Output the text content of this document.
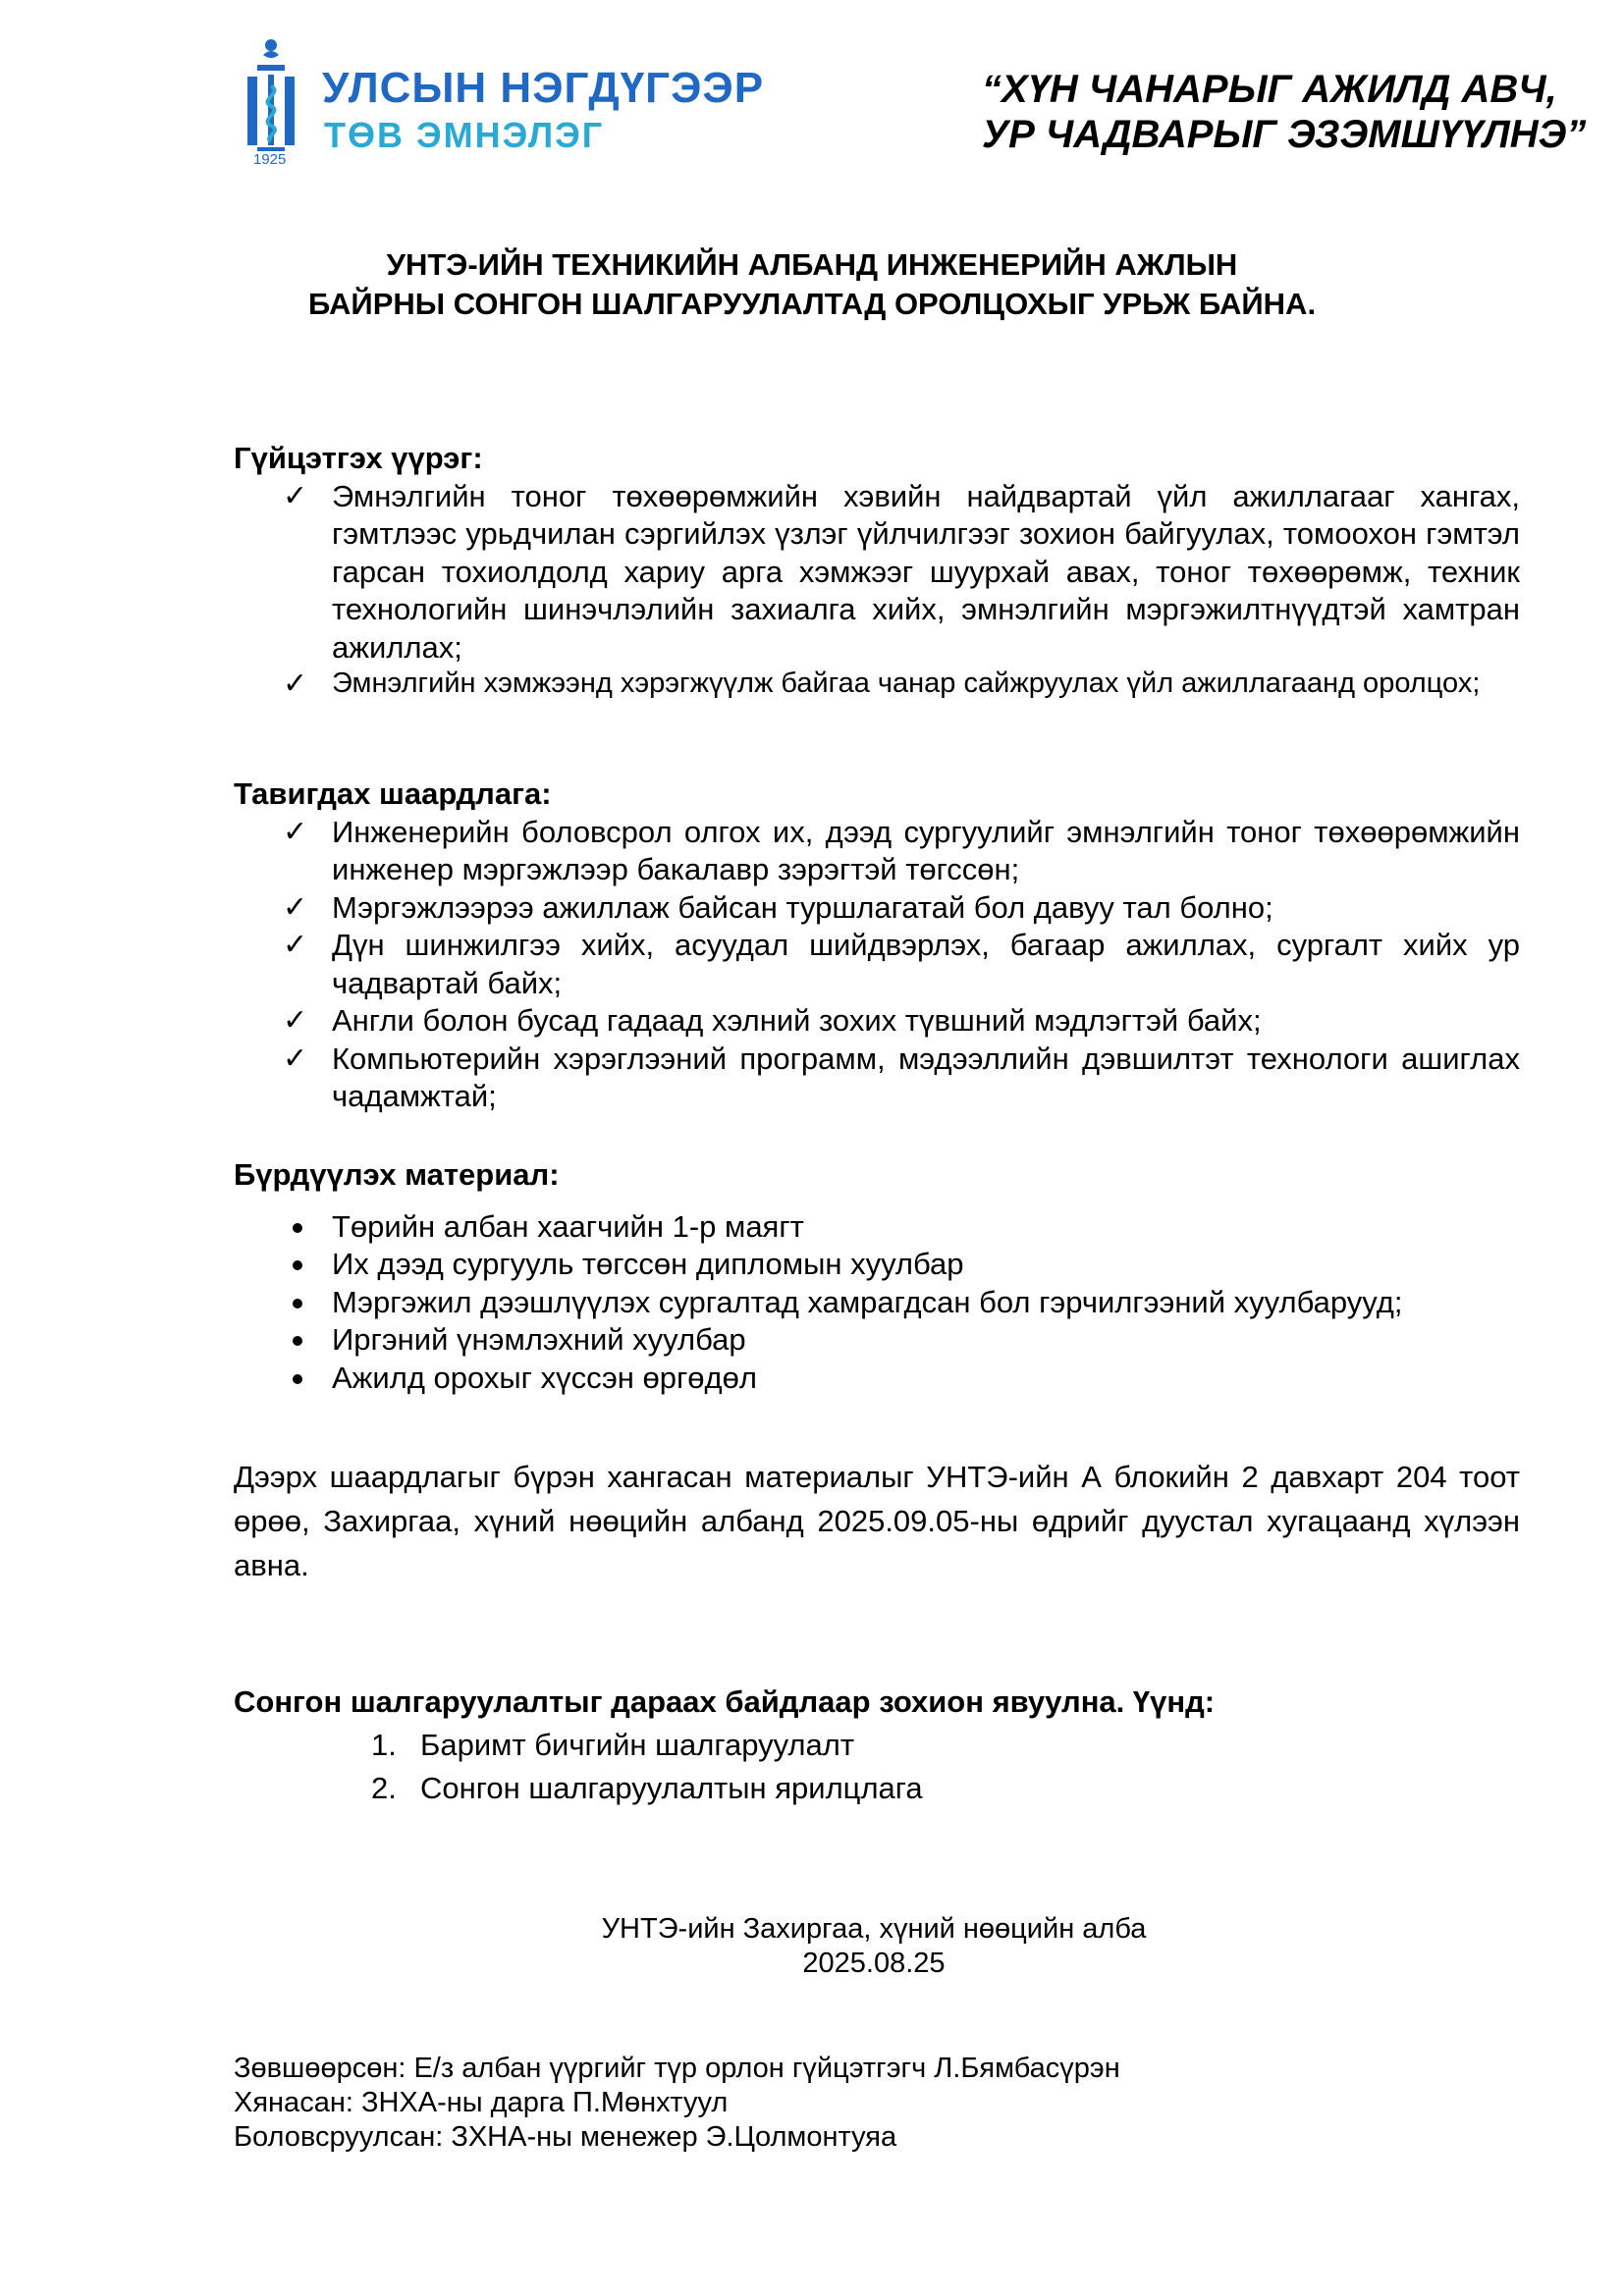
УЛСЫН НЭГДҮГЭЭР
ТӨВ ЭМНЭЛЭГ
1925
“ХҮН ЧАНАРЫГ АЖИЛД АВЧ,
УР ЧАДВАРЫГ ЭЗЭМШҮҮЛНЭ”
УНТЭ-ИЙН ТЕХНИКИЙН АЛБАНД ИНЖЕНЕРИЙН АЖЛЫН
БАЙРНЫ СОНГОН ШАЛГАРУУЛАЛТАД ОРОЛЦОХЫГ УРЬЖ БАЙНА.
Гүйцэтгэх үүрэг:
✓ Эмнэлгийн тоног төхөөрөмжийн хэвийн найдвартай үйл ажиллагааг хангах, гэмтлээс урьдчилан сэргийлэх үзлэг үйлчилгээг зохион байгуулах, томоохон гэмтэл гарсан тохиолдолд хариу арга хэмжээг шуурхай авах, тоног төхөөрөмж, техник технологийн шинэчлэлийн захиалга хийх, эмнэлгийн мэргэжилтнүүдтэй хамтран ажиллах;
✓ Эмнэлгийн хэмжээнд хэрэгжүүлж байгаа чанар сайжруулах үйл ажиллагаанд оролцох;
Тавигдах шаардлага:
✓ Инженерийн боловсрол олгох их, дээд сургуулийг эмнэлгийн тоног төхөөрөмжийн инженер мэргэжлээр бакалавр зэрэгтэй төгссөн;
✓ Мэргэжлээрээ ажиллаж байсан туршлагатай бол давуу тал болно;
✓ Дүн шинжилгээ хийх, асуудал шийдвэрлэх, багаар ажиллах, сургалт хийх ур чадвартай байх;
✓ Англи болон бусад гадаад хэлний зохих түвшний мэдлэгтэй байх;
✓ Компьютерийн хэрэглээний программ, мэдээллийн дэвшилтэт технологи ашиглах чадамжтай;
Бүрдүүлэх материал:
Төрийн албан хаагчийн 1-р маягт
Их дээд сургууль төгссөн дипломын хуулбар
Мэргэжил дээшлүүлэх сургалтад хамрагдсан бол гэрчилгээний хуулбарууд;
Иргэний үнэмлэхний хуулбар
Ажилд орохыг хүссэн өргөдөл
Дээрх шаардлагыг бүрэн хангасан материалыг УНТЭ-ийн А блокийн 2 давхарт 204 тоот өрөө, Захиргаа, хүний нөөцийн албанд 2025.09.05-ны өдрийг дуустал хугацаанд хүлээн авна.
Сонгон шалгаруулалтыг дараах байдлаар зохион явуулна. Үүнд:
1. Баримт бичгийн шалгаруулалт
2. Сонгон шалгаруулалтын ярилцлага
УНТЭ-ийн Захиргаа, хүний нөөцийн алба
2025.08.25
Зөвшөөрсөн: Е/з албан үүргийг түр орлон гүйцэтгэгч Л.Бямбасүрэн
Хянасан: ЗНХА-ны дарга П.Мөнхтуул
Боловсруулсан: ЗХНА-ны менежер Э.Цолмонтуяа
